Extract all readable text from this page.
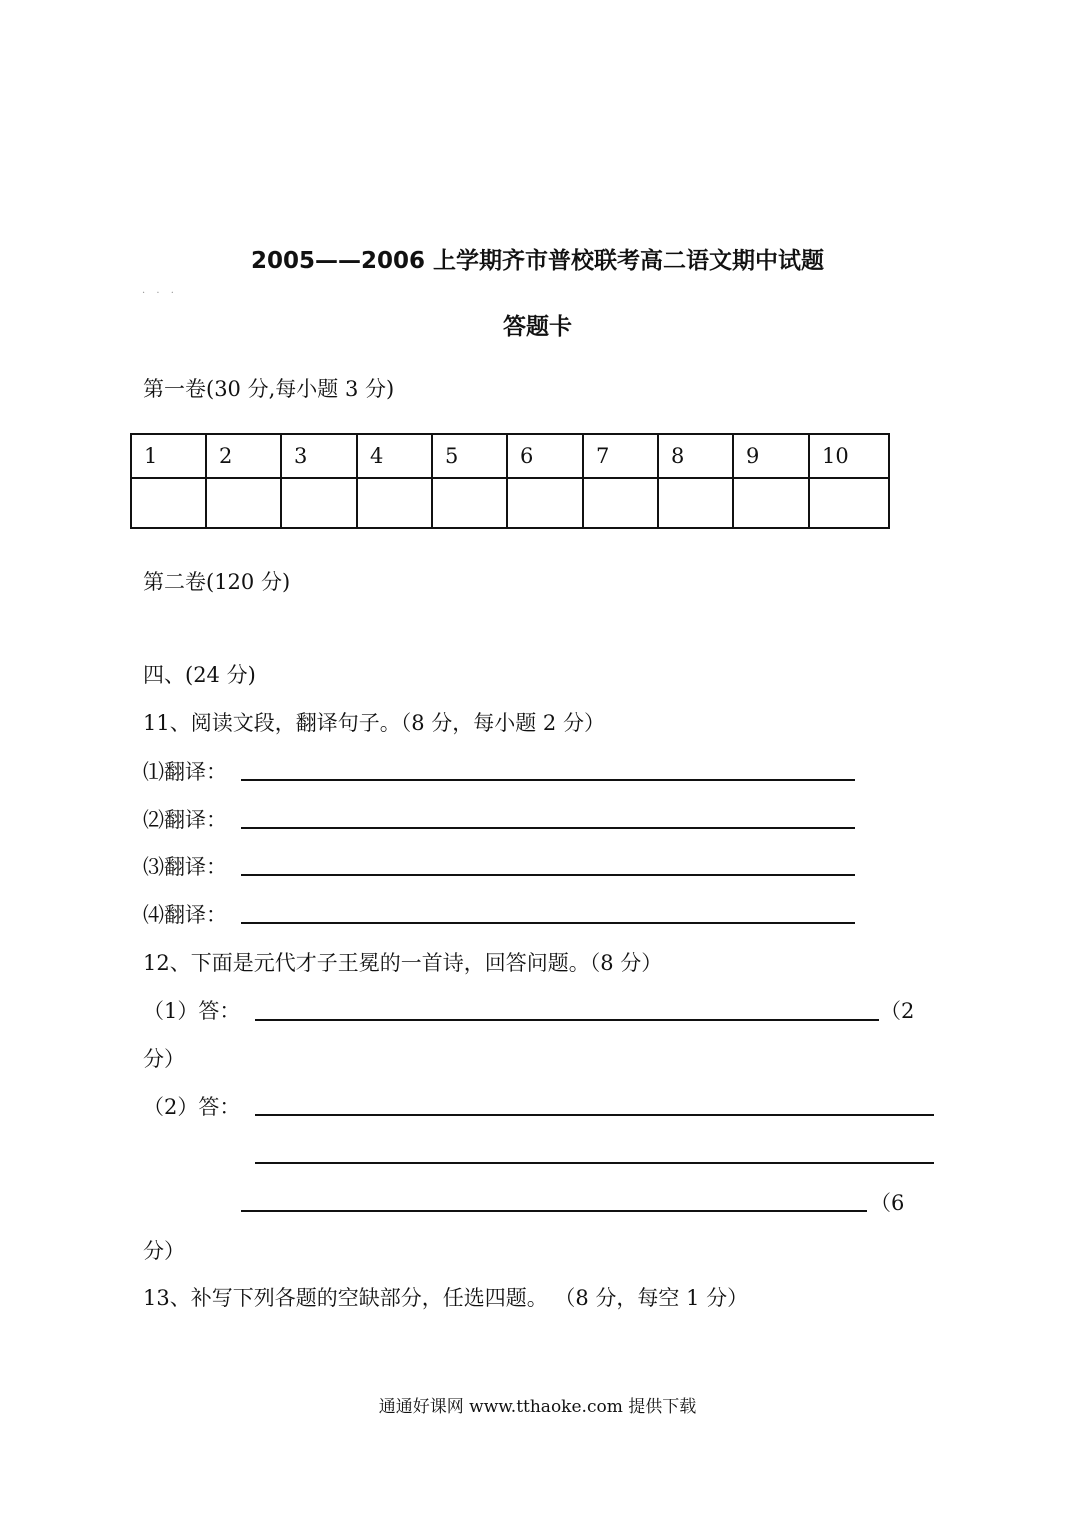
2005——2006 上学期齐市普校联考高二语文期中试题
· · ·
答题卡
第一卷(30 分,每小题 3 分)
1	2	3	4	5	6	7	8	9	10

第二卷(120 分)
四、(24 分)
11、阅读文段，翻译句子。（8 分，每小题 2 分）
⑴翻译：
⑵翻译：
⑶翻译：
⑷翻译：
12、下面是元代才子王冕的一首诗，回答问题。（8 分）
（1）答：	（2
分）
（2）答：
（6
分）
13、补写下列各题的空缺部分，任选四题。 （8 分，每空 1 分）
通通好课网 www.tthaoke.com 提供下载
